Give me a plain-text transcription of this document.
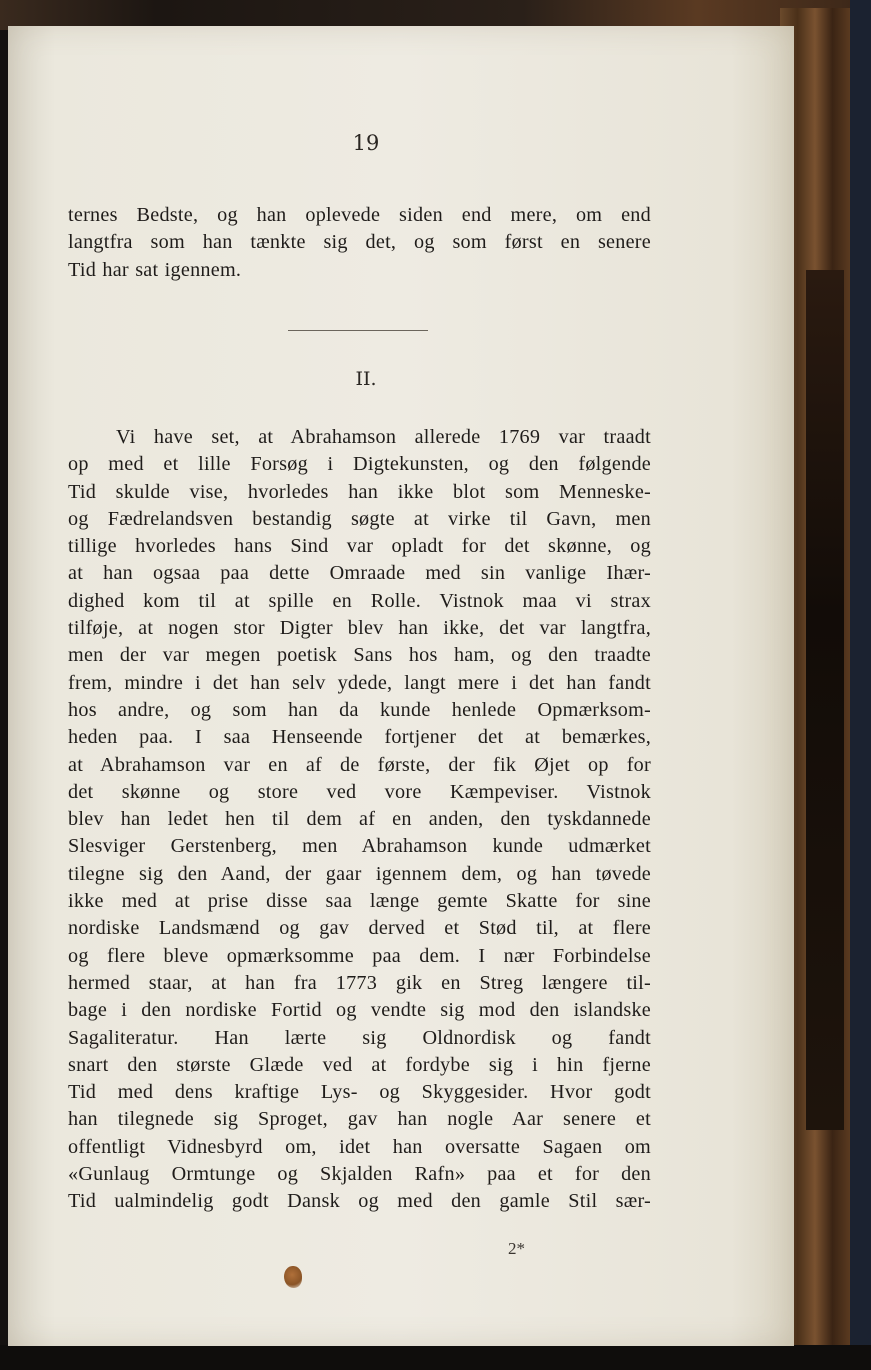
19
ternes Bedste, og han oplevede siden end mere, om end
langtfra som han tænkte sig det, og som først en senere
Tid har sat igennem.
II.
Vi have set, at Abrahamson allerede 1769 var traadt
op med et lille Forsøg i Digtekunsten, og den følgende
Tid skulde vise, hvorledes han ikke blot som Menneske-
og Fædrelandsven bestandig søgte at virke til Gavn, men
tillige hvorledes hans Sind var opladt for det skønne, og
at han ogsaa paa dette Omraade med sin vanlige Ihær-
dighed kom til at spille en Rolle. Vistnok maa vi strax
tilføje, at nogen stor Digter blev han ikke, det var langtfra,
men der var megen poetisk Sans hos ham, og den traadte
frem, mindre i det han selv ydede, langt mere i det han fandt
hos andre, og som han da kunde henlede Opmærksom-
heden paa. I saa Henseende fortjener det at bemærkes,
at Abrahamson var en af de første, der fik Øjet op for
det skønne og store ved vore Kæmpeviser. Vistnok
blev han ledet hen til dem af en anden, den tyskdannede
Slesviger Gerstenberg, men Abrahamson kunde udmærket
tilegne sig den Aand, der gaar igennem dem, og han tøvede
ikke med at prise disse saa længe gemte Skatte for sine
nordiske Landsmænd og gav derved et Stød til, at flere
og flere bleve opmærksomme paa dem. I nær Forbindelse
hermed staar, at han fra 1773 gik en Streg længere til-
bage i den nordiske Fortid og vendte sig mod den islandske
Sagaliteratur. Han lærte sig Oldnordisk og fandt
snart den største Glæde ved at fordybe sig i hin fjerne
Tid med dens kraftige Lys- og Skyggesider. Hvor godt
han tilegnede sig Sproget, gav han nogle Aar senere et
offentligt Vidnesbyrd om, idet han oversatte Sagaen om
«Gunlaug Ormtunge og Skjalden Rafn» paa et for den
Tid ualmindelig godt Dansk og med den gamle Stil sær-
2*
